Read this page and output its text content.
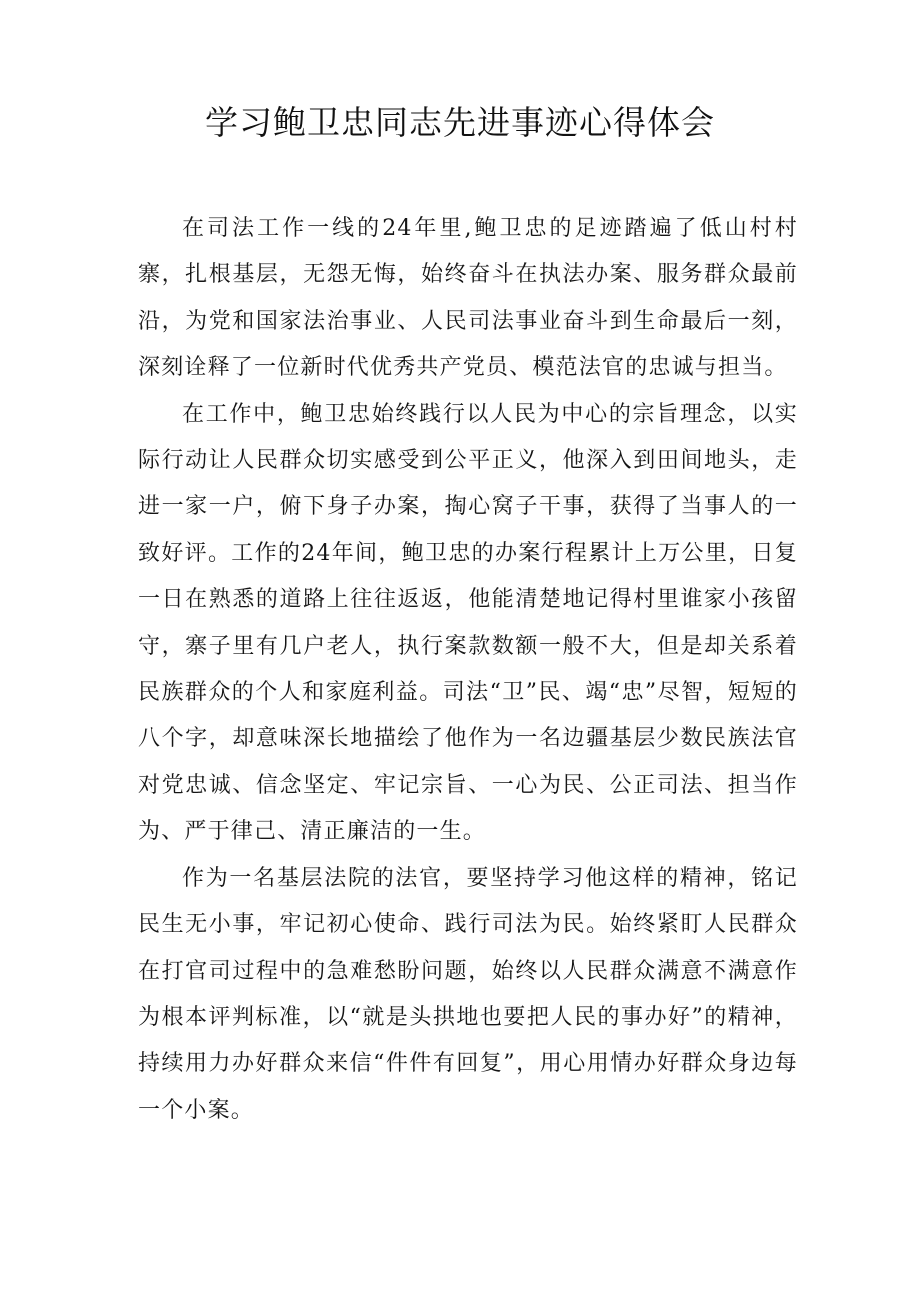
学习鲍卫忠同志先进事迹心得体会

在司法工作一线的24年里,鲍卫忠的足迹踏遍了低山村村寨，扎根基层，无怨无悔，始终奋斗在执法办案、服务群众最前沿，为党和国家法治事业、人民司法事业奋斗到生命最后一刻，深刻诠释了一位新时代优秀共产党员、模范法官的忠诚与担当。

在工作中，鲍卫忠始终践行以人民为中心的宗旨理念，以实际行动让人民群众切实感受到公平正义，他深入到田间地头，走进一家一户，俯下身子办案，掏心窝子干事，获得了当事人的一致好评。工作的24年间，鲍卫忠的办案行程累计上万公里，日复一日在熟悉的道路上往往返返，他能清楚地记得村里谁家小孩留守，寨子里有几户老人，执行案款数额一般不大，但是却关系着民族群众的个人和家庭利益。司法“卫”民、竭“忠”尽智，短短的八个字，却意味深长地描绘了他作为一名边疆基层少数民族法官对党忠诚、信念坚定、牢记宗旨、一心为民、公正司法、担当作为、严于律己、清正廉洁的一生。

作为一名基层法院的法官，要坚持学习他这样的精神，铭记民生无小事，牢记初心使命、践行司法为民。始终紧盯人民群众在打官司过程中的急难愁盼问题，始终以人民群众满意不满意作为根本评判标准，以“就是头拱地也要把人民的事办好”的精神，持续用力办好群众来信“件件有回复”，用心用情办好群众身边每一个小案。
